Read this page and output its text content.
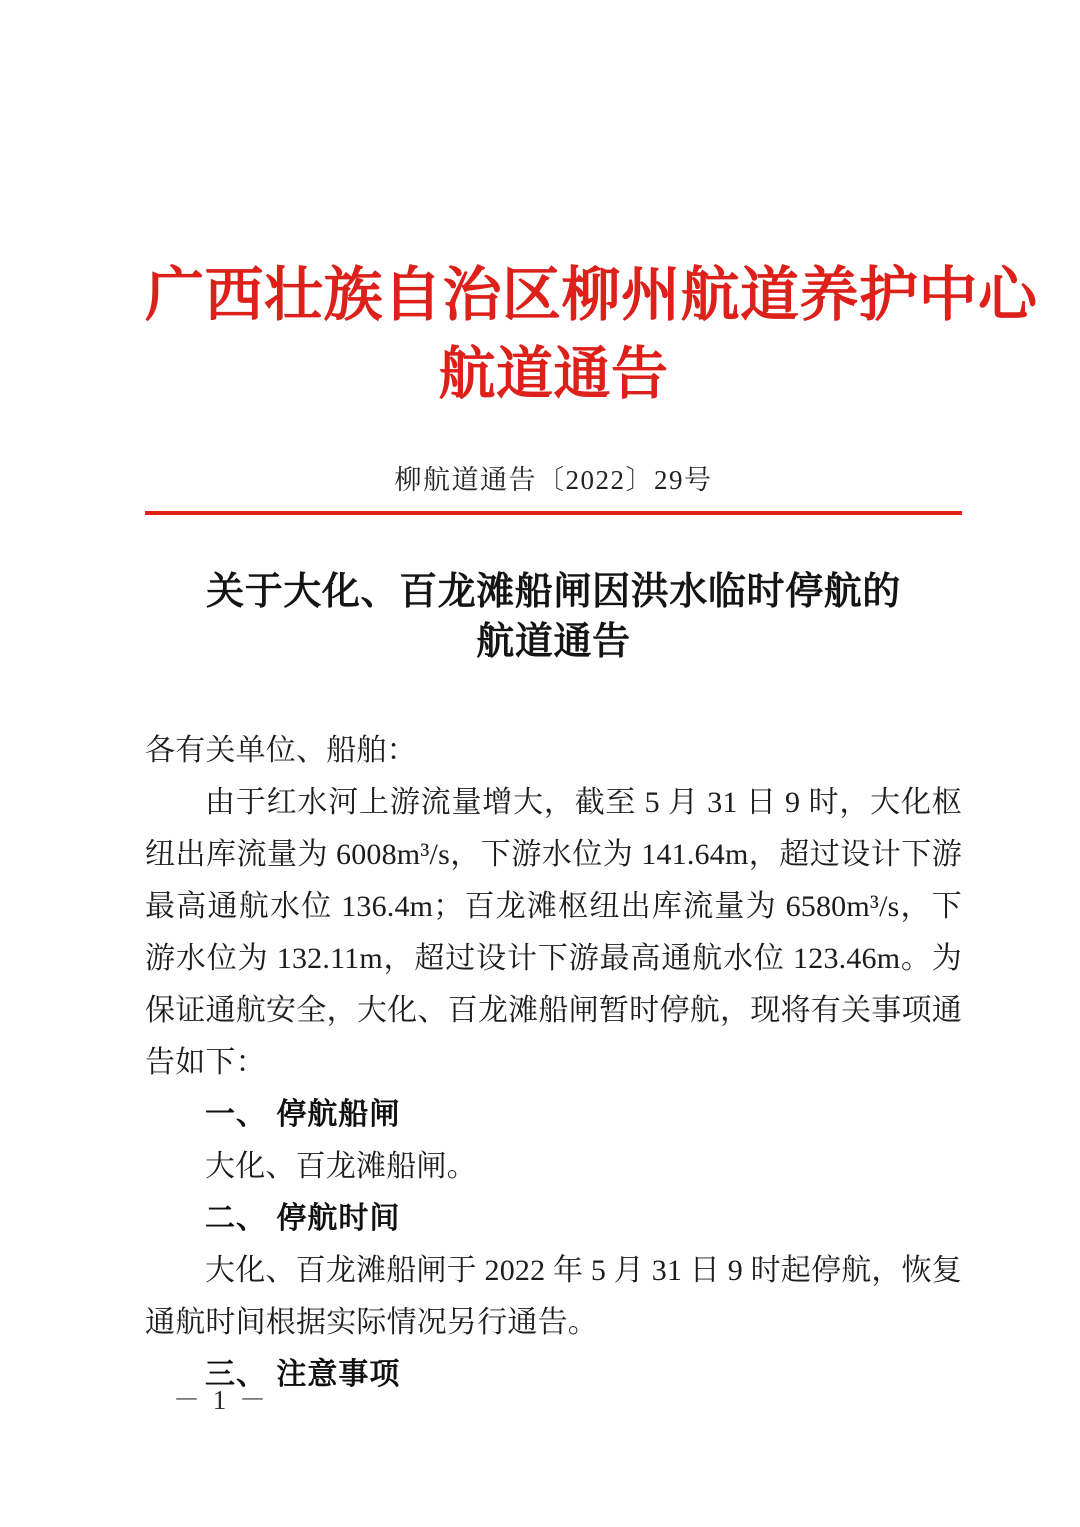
广西壮族自治区柳州航道养护中心
航道通告
柳航道通告〔2022〕29号
关于大化、百龙滩船闸因洪水临时停航的
航道通告

各有关单位、船舶：

由于红水河上游流量增大，截至 5 月 31 日 9 时，大化枢纽出库流量为 6008m³/s，下游水位为 141.64m，超过设计下游最高通航水位 136.4m；百龙滩枢纽出库流量为 6580m³/s，下游水位为 132.11m，超过设计下游最高通航水位 123.46m。为保证通航安全，大化、百龙滩船闸暂时停航，现将有关事项通告如下：

一、 停航船闸

大化、百龙滩船闸。

二、 停航时间

大化、百龙滩船闸于 2022 年 5 月 31 日 9 时起停航，恢复通航时间根据实际情况另行通告。

三、 注意事项

－ 1 －
